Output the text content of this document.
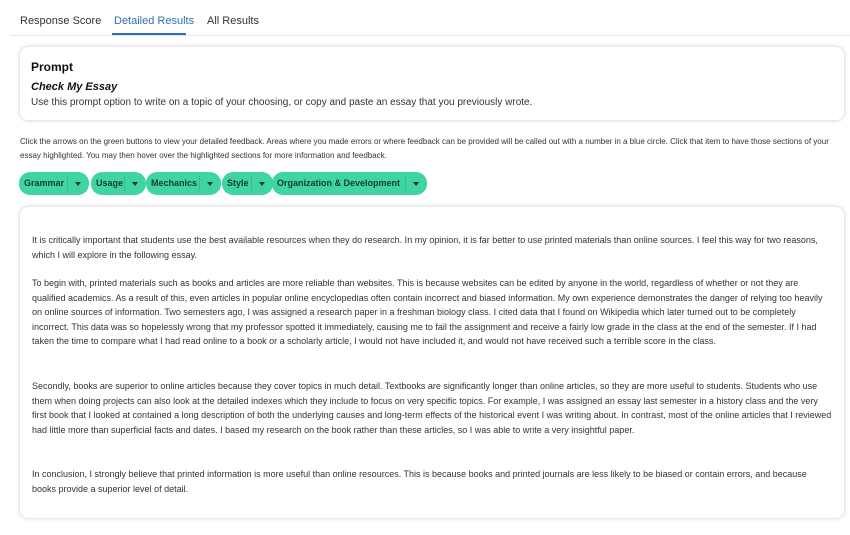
Response Score Detailed Results All Results
Prompt
Check My Essay
Use this prompt option to write on a topic of your choosing, or copy and paste an essay that you previously wrote.
Click the arrows on the green buttons to view your detailed feedback. Areas where you made errors or where feedback can be provided will be called out with a number in a blue circle. Click that item to have those sections of your essay highlighted. You may then hover over the highlighted sections for more information and feedback.
Grammar	Usage	Mechanics	Style	Organization & Development

It is critically important that students use the best available resources when they do research. In my opinion, it is far better to use printed materials than online sources. I feel this way for two reasons, which I will explore in the following essay.

To begin with, printed materials such as books and articles are more reliable than websites. This is because websites can be edited by anyone in the world, regardless of whether or not they are qualified academics. As a result of this, even articles in popular online encyclopedias often contain incorrect and biased information. My own experience demonstrates the danger of relying too heavily on online sources of information. Two semesters ago, I was assigned a research paper in a freshman biology class. I cited data that I found on Wikipedia which later turned out to be completely incorrect. This data was so hopelessly wrong that my professor spotted it immediately, causing me to fail the assignment and receive a fairly low grade in the class at the end of the semester. If I had taken the time to compare what I had read online to a book or a scholarly article, I would not have included it, and would not have received such a terrible score in the class.

Secondly, books are superior to online articles because they cover topics in much detail. Textbooks are significantly longer than online articles, so they are more useful to students. Students who use them when doing projects can also look at the detailed indexes which they include to focus on very specific topics. For example, I was assigned an essay last semester in a history class and the very first book that I looked at contained a long description of both the underlying causes and long-term effects of the historical event I was writing about. In contrast, most of the online articles that I reviewed had little more than superficial facts and dates. I based my research on the book rather than these articles, so I was able to write a very insightful paper.

In conclusion, I strongly believe that printed information is more useful than online resources. This is because books and printed journals are less likely to be biased or contain errors, and because books provide a superior level of detail.
